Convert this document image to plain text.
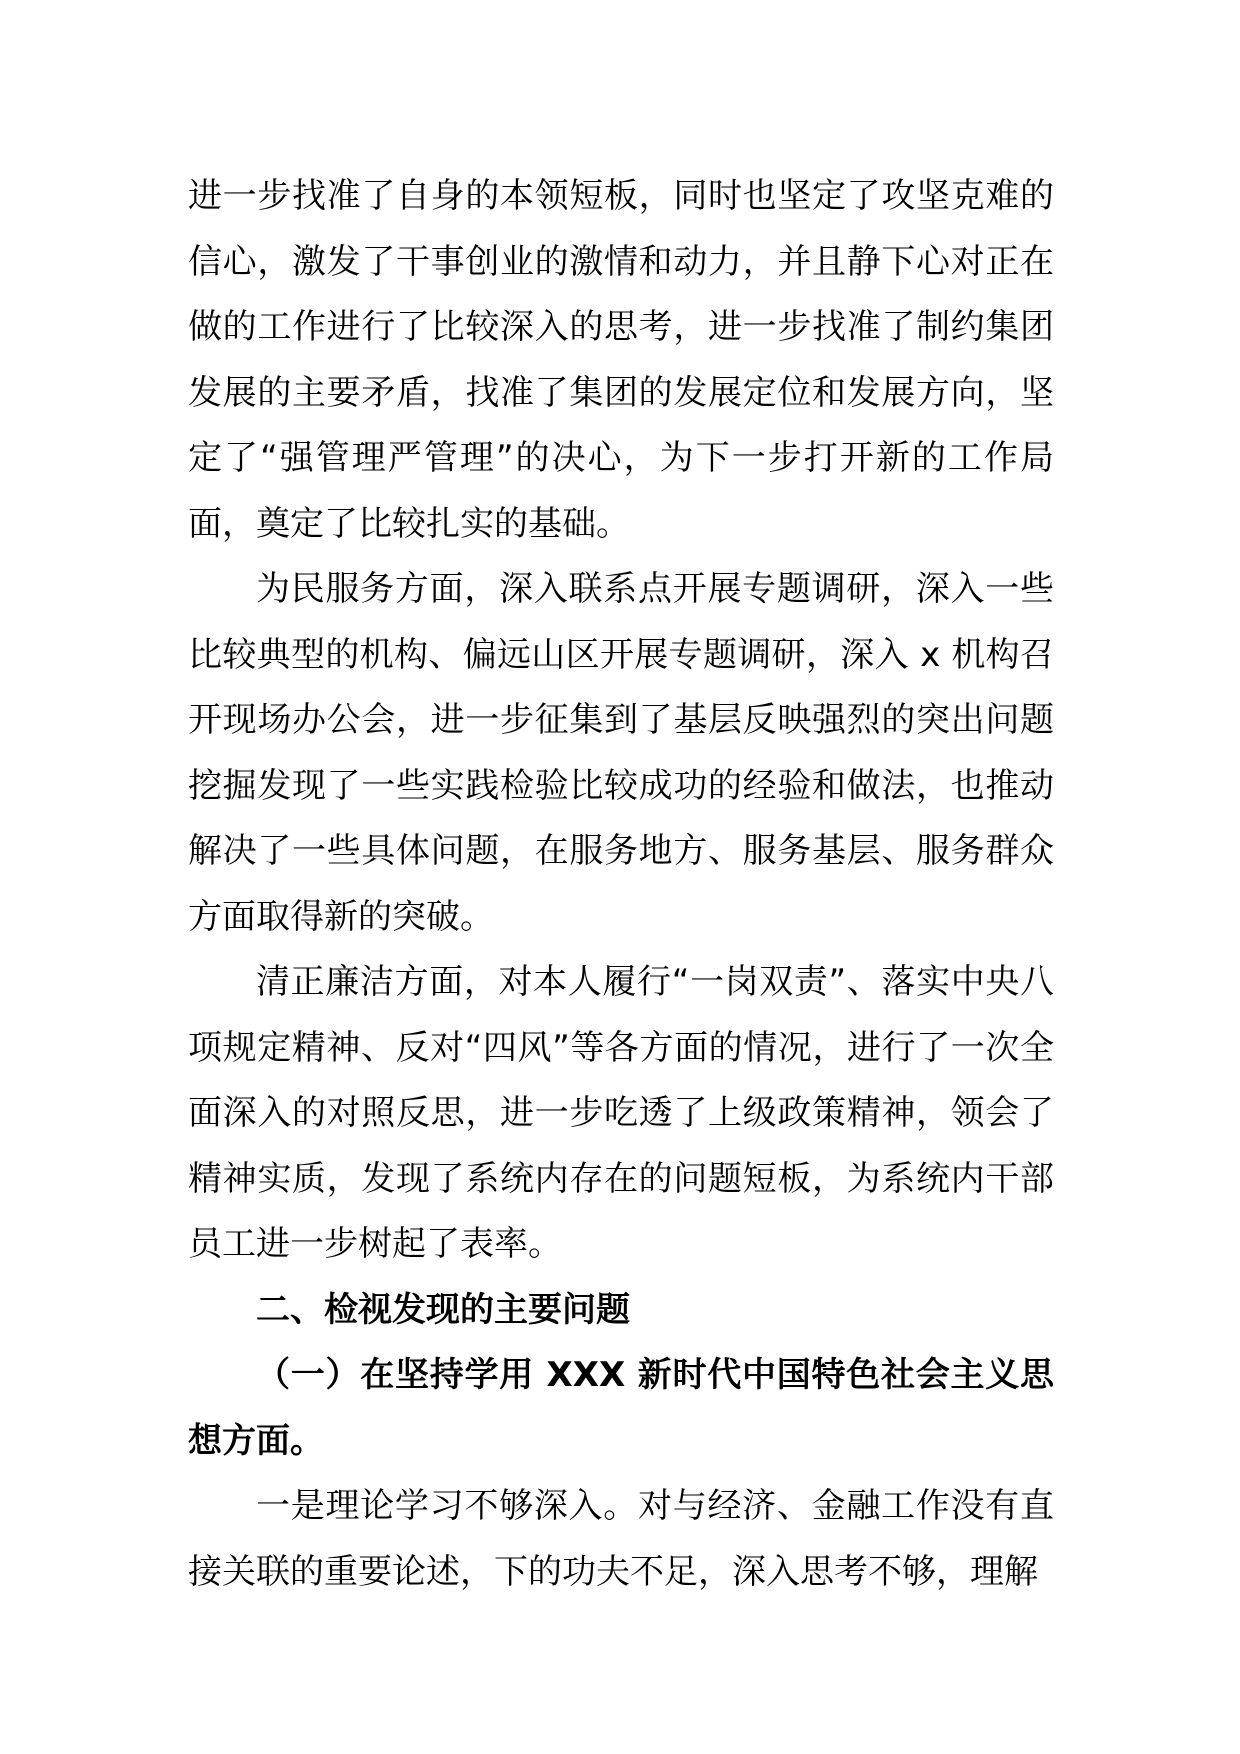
进一步找准了自身的本领短板，同时也坚定了攻坚克难的信心，激发了干事创业的激情和动力，并且静下心对正在做的工作进行了比较深入的思考，进一步找准了制约集团发展的主要矛盾，找准了集团的发展定位和发展方向，坚定了“强管理严管理”的决心，为下一步打开新的工作局面，奠定了比较扎实的基础。

为民服务方面，深入联系点开展专题调研，深入一些比较典型的机构、偏远山区开展专题调研，深入 x 机构召开现场办公会，进一步征集到了基层反映强烈的突出问题挖掘发现了一些实践检验比较成功的经验和做法，也推动解决了一些具体问题，在服务地方、服务基层、服务群众方面取得新的突破。

清正廉洁方面，对本人履行“一岗双责”、落实中央八项规定精神、反对“四风”等各方面的情况，进行了一次全面深入的对照反思，进一步吃透了上级政策精神，领会了精神实质，发现了系统内存在的问题短板，为系统内干部员工进一步树起了表率。

二、检视发现的主要问题

（一）在坚持学用 XXX 新时代中国特色社会主义思想方面。

一是理论学习不够深入。对与经济、金融工作没有直接关联的重要论述，下的功夫不足，深入思考不够，理解
